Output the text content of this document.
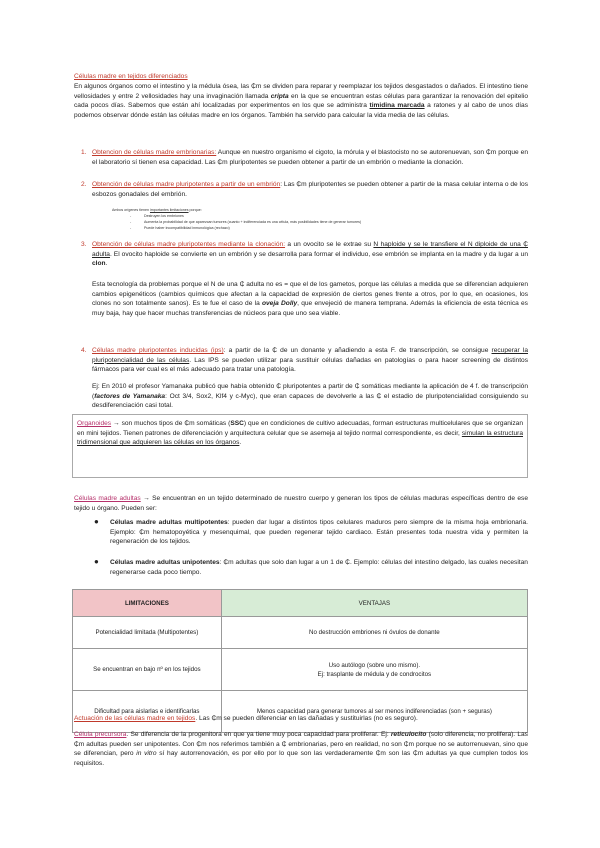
Células madre en tejidos diferenciados

En algunos órganos como el intestino y la médula ósea, las ₵m se dividen para reparar y reemplazar los tejidos desgastados o dañados. El intestino tiene vellosidades y entre 2 vellosidades hay una invaginación llamada cripta en la que se encuentran estas células para garantizar la renovación del epitelio cada pocos días. Sabemos que están ahí localizadas por experimentos en los que se administra timidina marcada a ratones y al cabo de unos días podemos observar dónde están las células madre en los órganos. También ha servido para calcular la vida media de las células.

1. Obtencion de células madre embrionarias: Aunque en nuestro organismo el cigoto, la mórula y el blastocisto no se autorenuevan, son ₵m porque en el laboratorio sí tienen esa capacidad. Las ₵m pluripotentes se pueden obtener a partir de un embrión o mediante la clonación.
2. Obtención de células madre pluripotentes a partir de un embrión: Las ₵m pluripotentes se pueden obtener a partir de la masa celular interna o de los esbozos gonadales del embrión.

Ambos orígenes tienen importantes limitaciones porque:

- Destruyen los embriones

- Aumenta la probabilidad de que aparezcan tumores (cuanto + indiferenciada es una célula, más posibilidades tiene de generar tumores)

- Puede haber incompatibilidad inmunológica (rechazo)

3. Obtención de células madre pluripotentes mediante la clonación: a un ovocito se le extrae su N haploide y se le transfiere el N diploide de una ₵ adulta. El ovocito haploide se convierte en un embrión y se desarrolla para formar el individuo, ese embrión se implanta en la madre y da lugar a un clon.

Esta tecnología da problemas porque el N de una ₵ adulta no es = que el de los gametos, porque las células a medida que se diferencian adquieren cambios epigenéticos (cambios químicos que afectan a la capacidad de expresión de ciertos genes frente a otros, por lo que, en ocasiones, los clones no son totalmente sanos). Es te fue el caso de la oveja Dolly, que envejeció de manera temprana. Además la eficiencia de esta técnica es muy baja, hay que hacer muchas transferencias de núcleos para que uno sea viable.

4. Células madre pluripotentes inducidas (ips): a partir de la ₵ de un donante y añadiendo a esta F. de transcripción, se consigue recuperar la pluripotencialidad de las células. Las IPS se pueden utilizar para sustituir células dañadas en patologías o para hacer screening de distintos fármacos para ver cual es el más adecuado para tratar una patología.

Ej: En 2010 el profesor Yamanaka publicó que había obtenido ₵ pluripotentes a partir de ₵ somáticas mediante la aplicación de 4 f. de transcripción (factores de Yamanaka: Oct 3/4, Sox2, Klf4 y c-Myc), que eran capaces de devolverle a las ₵ el estadio de pluripotencialidad consiguiendo su desdiferenciación casi total.

Organoides → son muchos tipos de ₵m somáticas (SSC) que en condiciones de cultivo adecuadas, forman estructuras multicelulares que se organizan en mini tejidos. Tienen patrones de diferenciación y arquitectura celular que se asemeja al tejido normal correspondiente, es decir, simulan la estructura tridimensional que adquieren las células en los órganos.

Células madre adultas → Se encuentran en un tejido determinado de nuestro cuerpo y generan los tipos de células maduras específicas dentro de ese tejido u órgano. Pueden ser:

● Células madre adultas multipotentes: pueden dar lugar a distintos tipos celulares maduros pero siempre de la misma hoja embrionaria. Ejemplo: ₵m hematopoyética y mesenquimal, que pueden regenerar tejido cardiaco. Están presentes toda nuestra vida y permiten la regeneración de los tejidos.

● Células madre adultas unipotentes: ₵m adultas que solo dan lugar a un 1 de ₵. Ejemplo: células del intestino delgado, las cuales necesitan regenerarse cada poco tiempo.

LIMITACIONES	VENTAJAS
Potencialidad limitada (Multipotentes)	No destrucción embriones ni óvulos de donante
Se encuentran en bajo nº en los tejidos	Uso autólogo (sobre uno mismo).
Ej: trasplante de médula y de condrocitos
Dificultad para aislarlas e identificarlas	Menos capacidad para generar tumores al ser menos indiferenciadas (son + seguras)

Actuación de las células madre en tejidos. Las ₵m se pueden diferenciar en las dañadas y sustituirlas (no es seguro).

Célula precursora. Se diferencia de la progenitora en que ya tiene muy poca capacidad para proliferar. Ej: reticulocito (solo diferencia, no prolifera). Las ₵m adultas pueden ser unipotentes. Con ₵m nos referimos también a ₵ embrionarias, pero en realidad, no son ₵m porque no se autorrenuevan, sino que se diferencian, pero in vitro sí hay autorrenovación, es por ello por lo que son las verdaderamente ₵m son las ₵m adultas ya que cumplen todos los requisitos.
